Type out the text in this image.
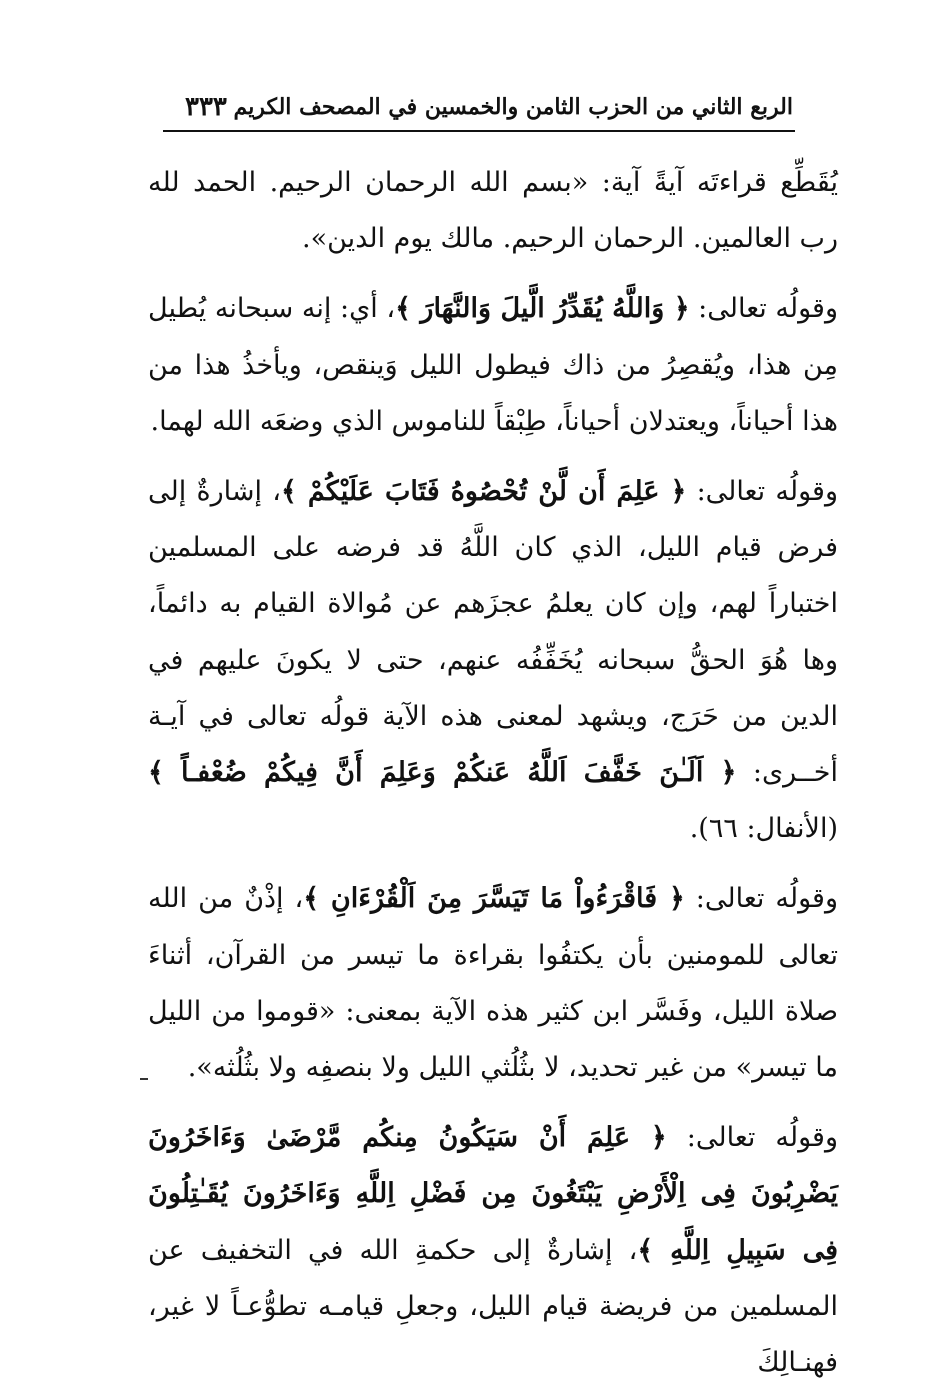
الربع الثاني من الحزب الثامن والخمسين في المصحف الكريم
٣٣٣

يُقَطِّع قراءتَه آيةً آية: «بسم الله الرحمان الرحيم. الحمد لله رب العالمين. الرحمان الرحيم. مالك يوم الدين».

وقولُه تعالى: ﴿ وَاللَّهُ يُقَدِّرُ الَّيلَ وَالنَّهَارَ ﴾، أي: إنه سبحانه يُطيل مِن هذا، ويُقصِرُ من ذاك فيطول الليل وَينقص، ويأخذُ هذا من هذا أحياناً، ويعتدلان أحياناً، طِبْقاً للناموس الذي وضعَه الله لهما.

وقولُه تعالى: ﴿ عَلِمَ أَن لَّنْ تُحْصُوهُ فَتَابَ عَلَيْكُمْ ﴾، إشارةٌ إلى فرض قيام الليل، الذي كان اللَّهُ قد فرضه على المسلمين اختباراً لهم، وإن كان يعلمُ عجزَهم عن مُوالاة القيام به دائماً، وها هُوَ الحقُّ سبحانه يُخَفِّفُه عنهم، حتى لا يكونَ عليهم في الدين من حَرَج، ويشهد لمعنى هذه الآية قولُه تعالى في آيـة أخــرى: ﴿ اَلَـٰنَ خَفَّفَ اَللَّهُ عَنكُمْ وَعَلِمَ أَنَّ فِيكُمْ ضُعْفـاً ﴾ (الأنفال: ٦٦).

وقولُه تعالى: ﴿ فَاقْرَءُواْ مَا تَيَسَّرَ مِنَ اَلْقُرْءَانِ ﴾، إذْنٌ من الله تعالى للمومنين بأن يكتفُوا بقراءة ما تيسر من القرآن، أثناءَ صلاة الليل، وفَسَّر ابن كثير هذه الآية بمعنى: «قوموا من الليل ما تيسر» من غير تحديد، لا بثُلُثي الليل ولا بنصفِه ولا بثُلُثه».

وقولُه تعالى: ﴿ عَلِمَ أَنْ سَيَكُونُ مِنكُم مَّرْضَىٰ وَءَاخَرُونَ يَضْرِبُونَ فِى اِلْأَرْضِ يَبْتَغُونَ مِن فَضْلِ اِللَّهِ وَءَاخَرُونَ يُقَـٰتِلُونَ فِى سَبِيلِ اِللَّهِ ﴾، إشارةٌ إلى حكمةِ الله في التخفيف عن المسلمين من فريضة قيام الليل، وجعلِ قيامـه تطوُّعـاً لا غير، فهنـالِكَ
